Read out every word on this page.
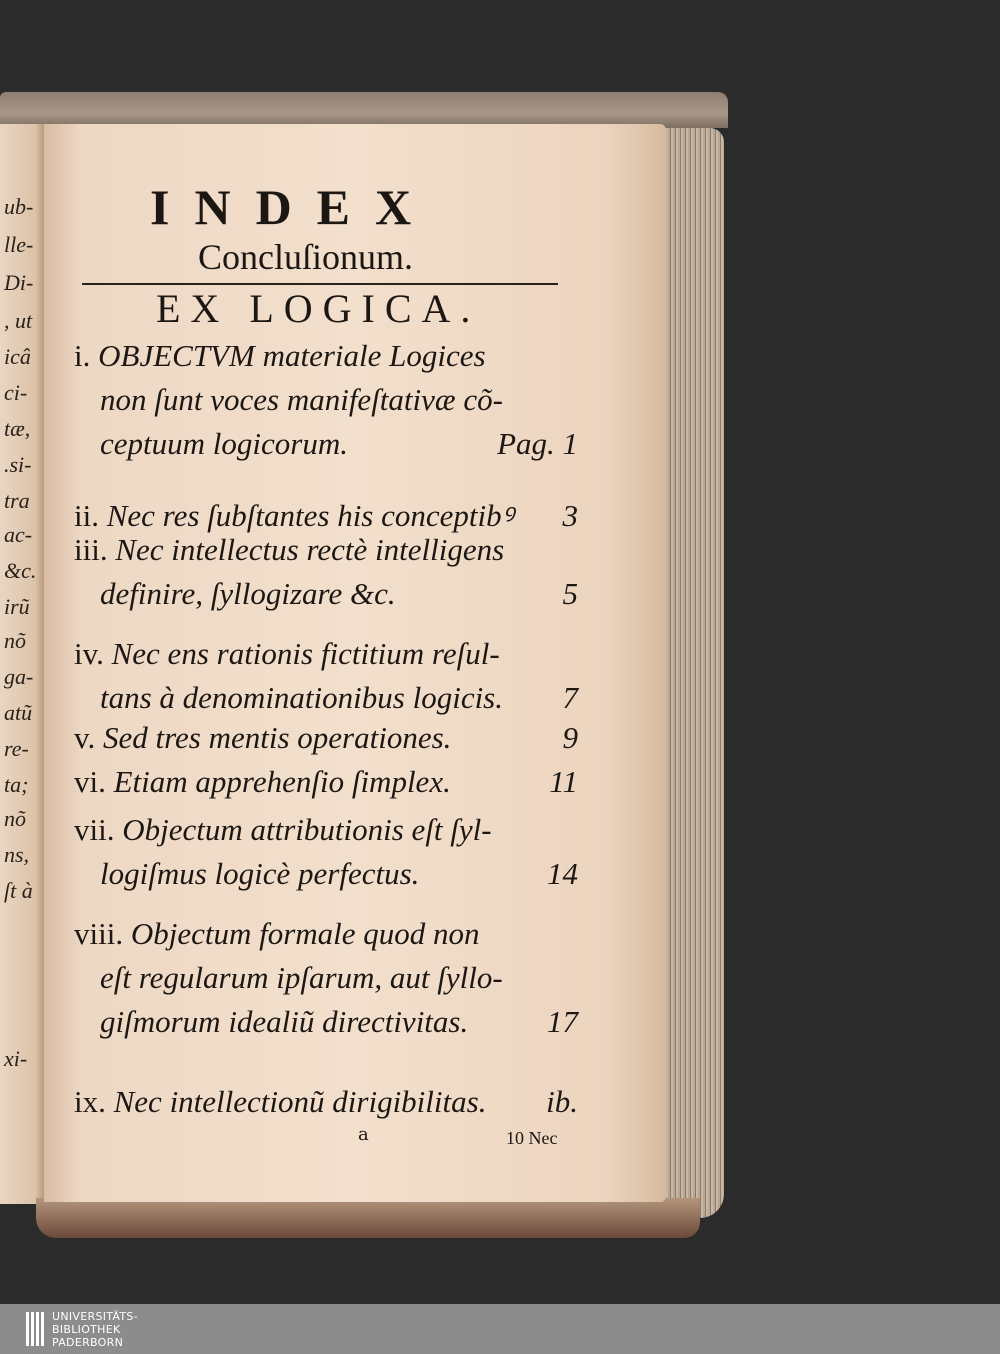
ub-
lle-
Di-
, ut
icâ
ci-
tæ,
.si-
tra
ac-
&c.
irũ
nõ
ga-
atũ
re-
ta;
nõ
ns,
ſt à
xi-
INDEX
Concluſionum.
EX LOGICA.
i. OBJECTVM materiale Logices
non ſunt voces manifeſtativæ cõ-
ceptuum logicorum.	Pag. 1
ii. Nec res ſubſtantes his conceptibꝰ	3
iii. Nec intellectus rectè intelligens
definire, ſyllogizare &c.	5
iv. Nec ens rationis fictitium reſul-
tans à denominationibus logicis.	7
v. Sed tres mentis operationes.	9
vi. Etiam apprehenſio ſimplex.	11
vii. Objectum attributionis eſt ſyl-
logiſmus logicè perfectus.	14
viii. Objectum formale quod non
eſt regularum ipſarum, aut ſyllo-
giſmorum idealiũ directivitas.	17
ix. Nec intellectionũ dirigibilitas.	ib.
a	10 Nec
UNIVERSITÄTS-
BIBLIOTHEK
PADERBORN
